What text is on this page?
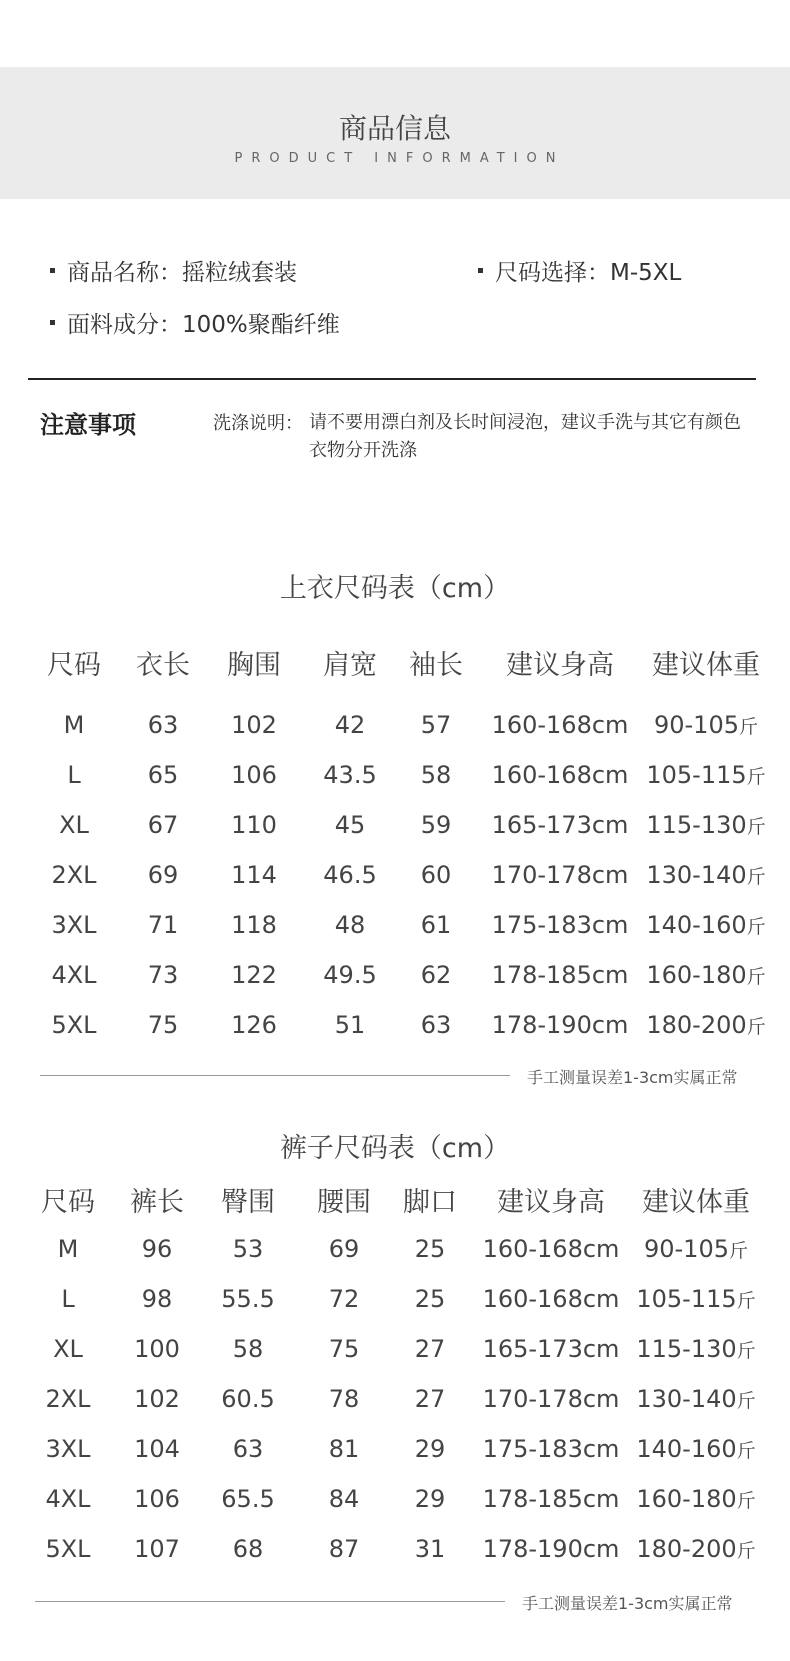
商品信息
PRODUCT INFORMATION
商品名称：摇粒绒套装	尺码选择：M-5XL
面料成分：100%聚酯纤维
注意事项	洗涤说明： 请不要用漂白剂及长时间浸泡，建议手洗与其它有颜色衣物分开洗涤
上衣尺码表（cm）
尺码 衣长 胸围 肩宽 袖长 建议身高 建议体重
M	63 102 42 57 160-168cm 90-105斤
L	65 106 43.5 58 160-168cm 105-115斤
XL 67 110 45 59 165-173cm 115-130斤
2XL 69 114 46.5 60 170-178cm 130-140斤
3XL 71 118 48 61 175-183cm 140-160斤
4XL 73 122 49.5 62 178-185cm 160-180斤
5XL 75 126 51 63 178-190cm 180-200斤
手工测量误差1-3cm实属正常
裤子尺码表（cm）
尺码 裤长 臀围 腰围 脚口 建议身高 建议体重
M	96	53	69 25 160-168cm 90-105斤
L	98 55.5 72 25 160-168cm 105-115斤
XL 100 58	75 27 165-173cm 115-130斤
2XL 102 60.5 78 27 170-178cm 130-140斤
3XL 104 63	81 29 175-183cm 140-160斤
4XL 106 65.5 84 29 178-185cm 160-180斤
5XL 107 68	87 31 178-190cm 180-200斤
手工测量误差1-3cm实属正常
